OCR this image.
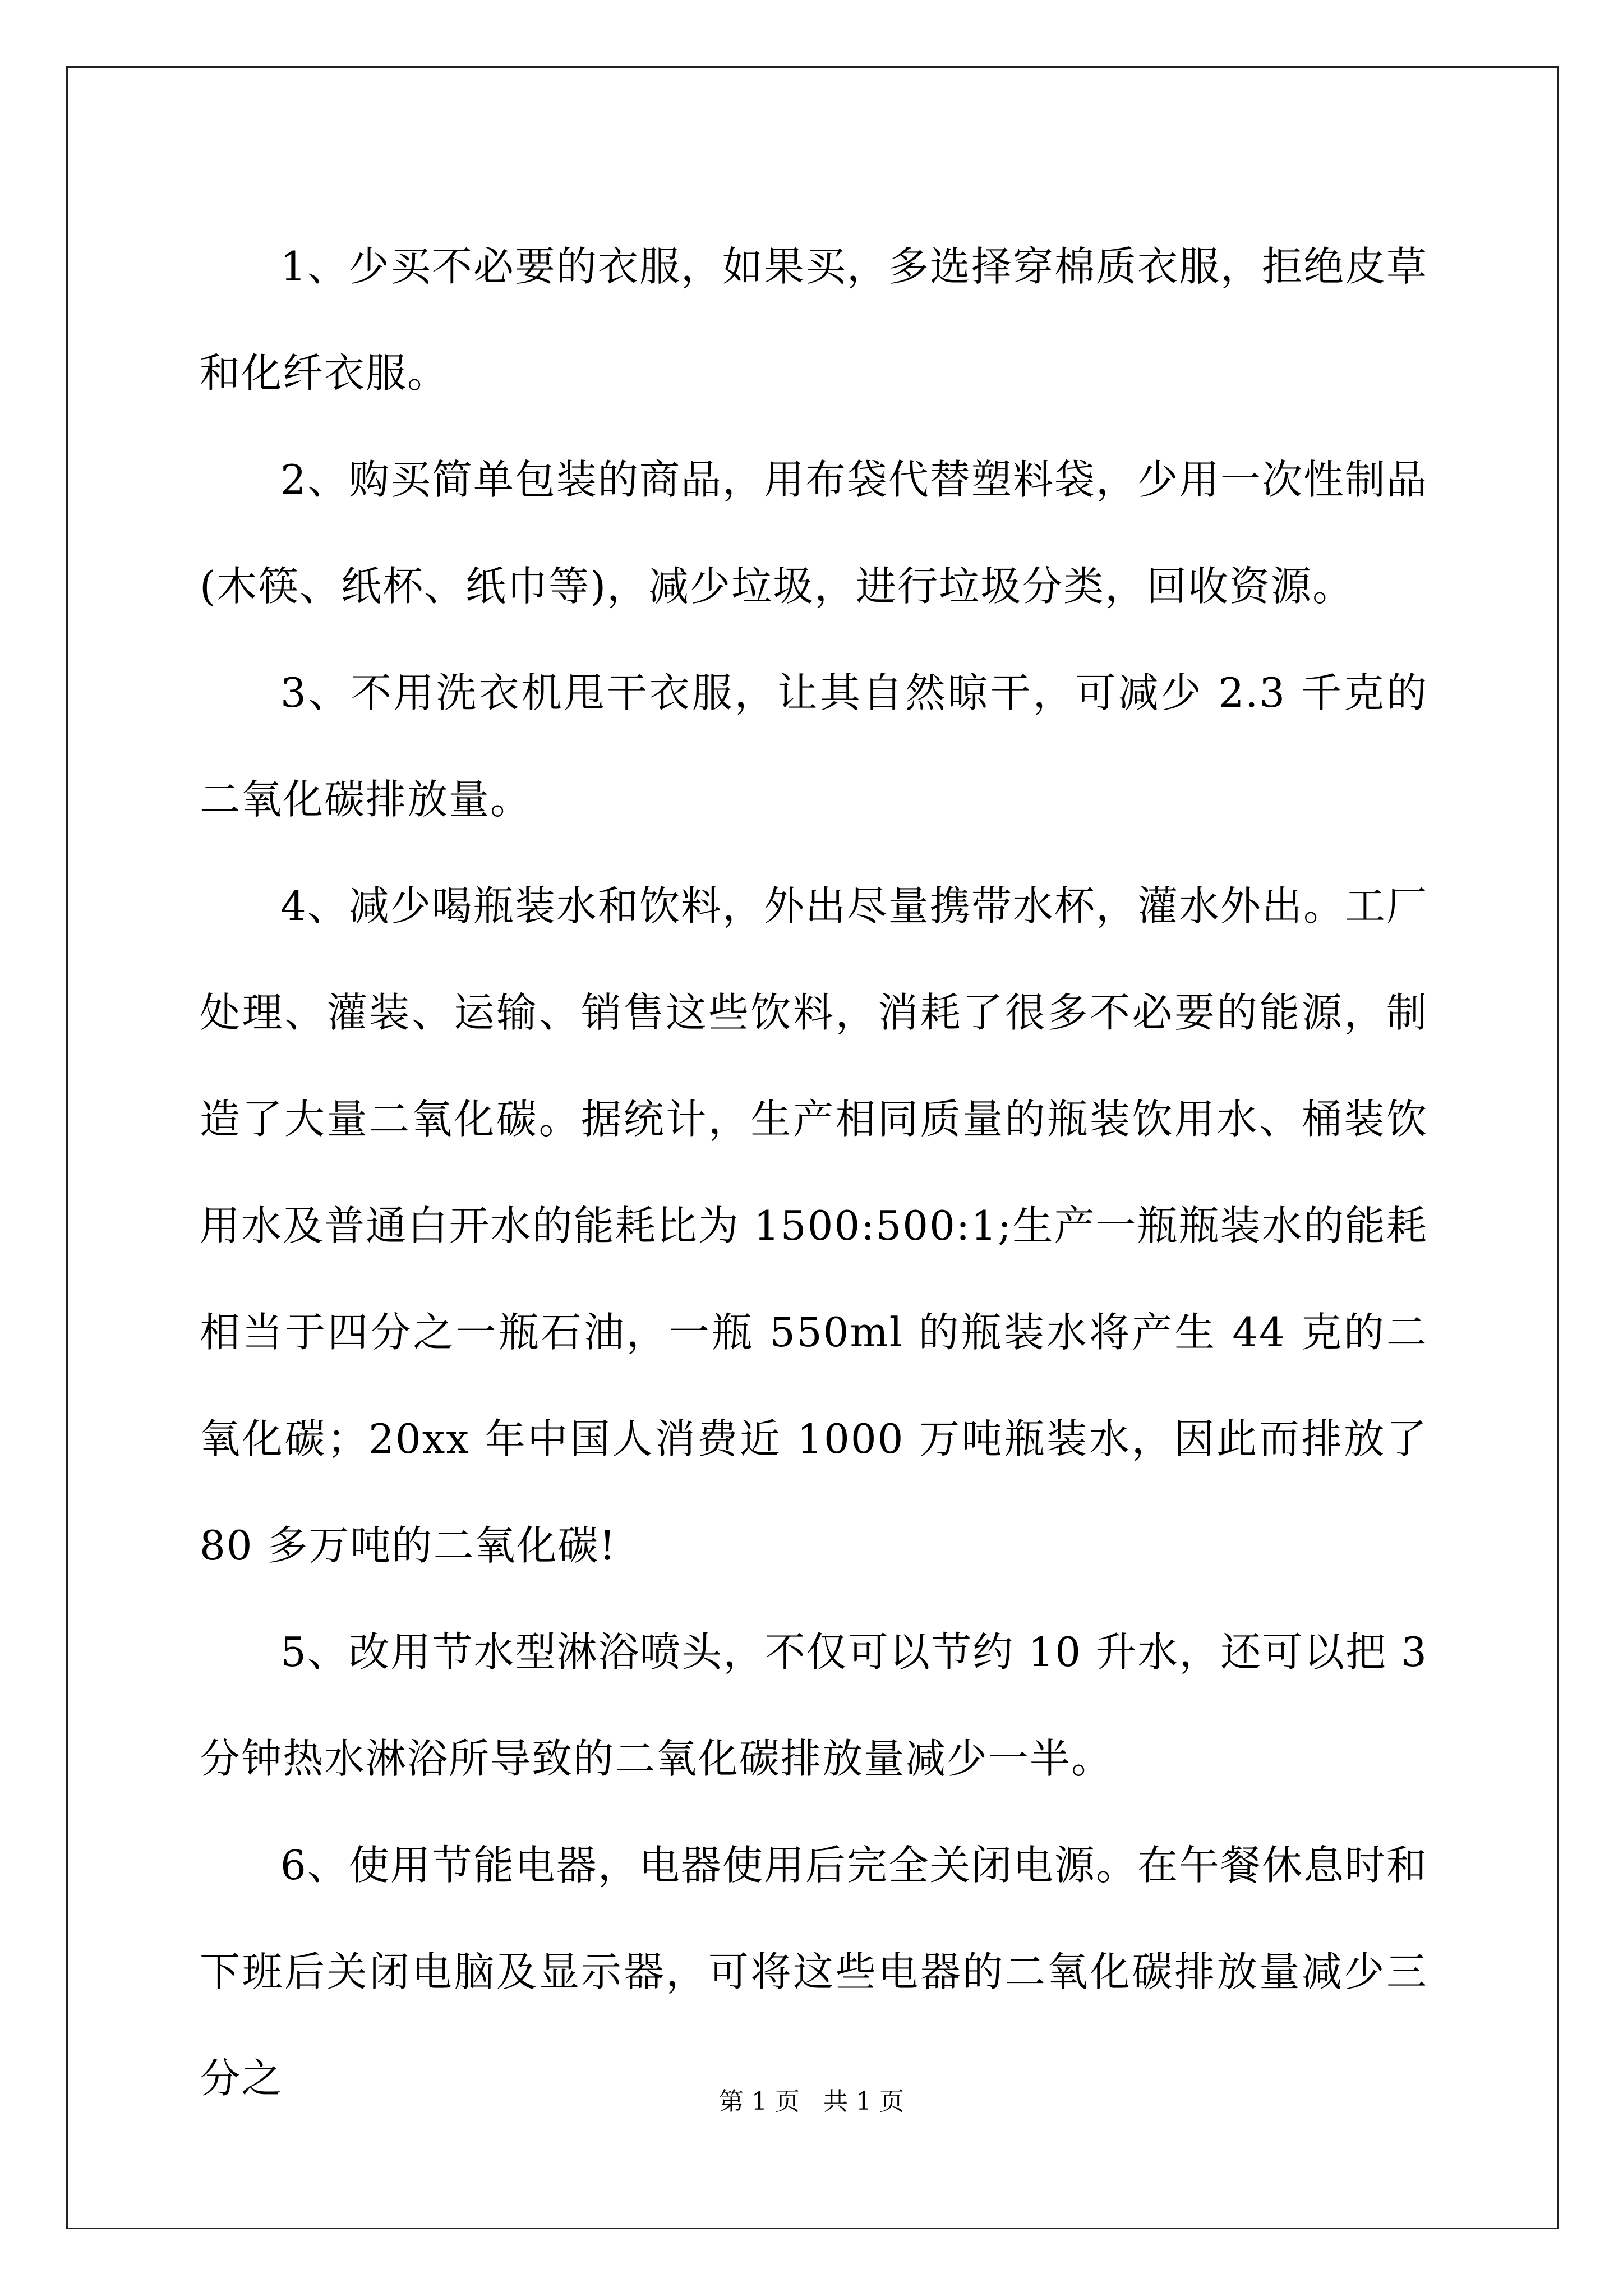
1、少买不必要的衣服，如果买，多选择穿棉质衣服，拒绝皮草和化纤衣服。

2、购买简单包装的商品，用布袋代替塑料袋，少用一次性制品(木筷、纸杯、纸巾等)，减少垃圾，进行垃圾分类，回收资源。

3、不用洗衣机甩干衣服，让其自然晾干，可减少 2.3 千克的二氧化碳排放量。

4、减少喝瓶装水和饮料，外出尽量携带水杯，灌水外出。工厂处理、灌装、运输、销售这些饮料，消耗了很多不必要的能源，制造了大量二氧化碳。据统计，生产相同质量的瓶装饮用水、桶装饮用水及普通白开水的能耗比为 1500:500:1;生产一瓶瓶装水的能耗相当于四分之一瓶石油，一瓶 550ml 的瓶装水将产生 44 克的二氧化碳；20xx 年中国人消费近 1000 万吨瓶装水，因此而排放了 80 多万吨的二氧化碳!

5、改用节水型淋浴喷头，不仅可以节约 10 升水，还可以把 3 分钟热水淋浴所导致的二氧化碳排放量减少一半。

6、使用节能电器，电器使用后完全关闭电源。在午餐休息时和下班后关闭电脑及显示器，可将这些电器的二氧化碳排放量减少三分之	第 1 页   共 1 页
